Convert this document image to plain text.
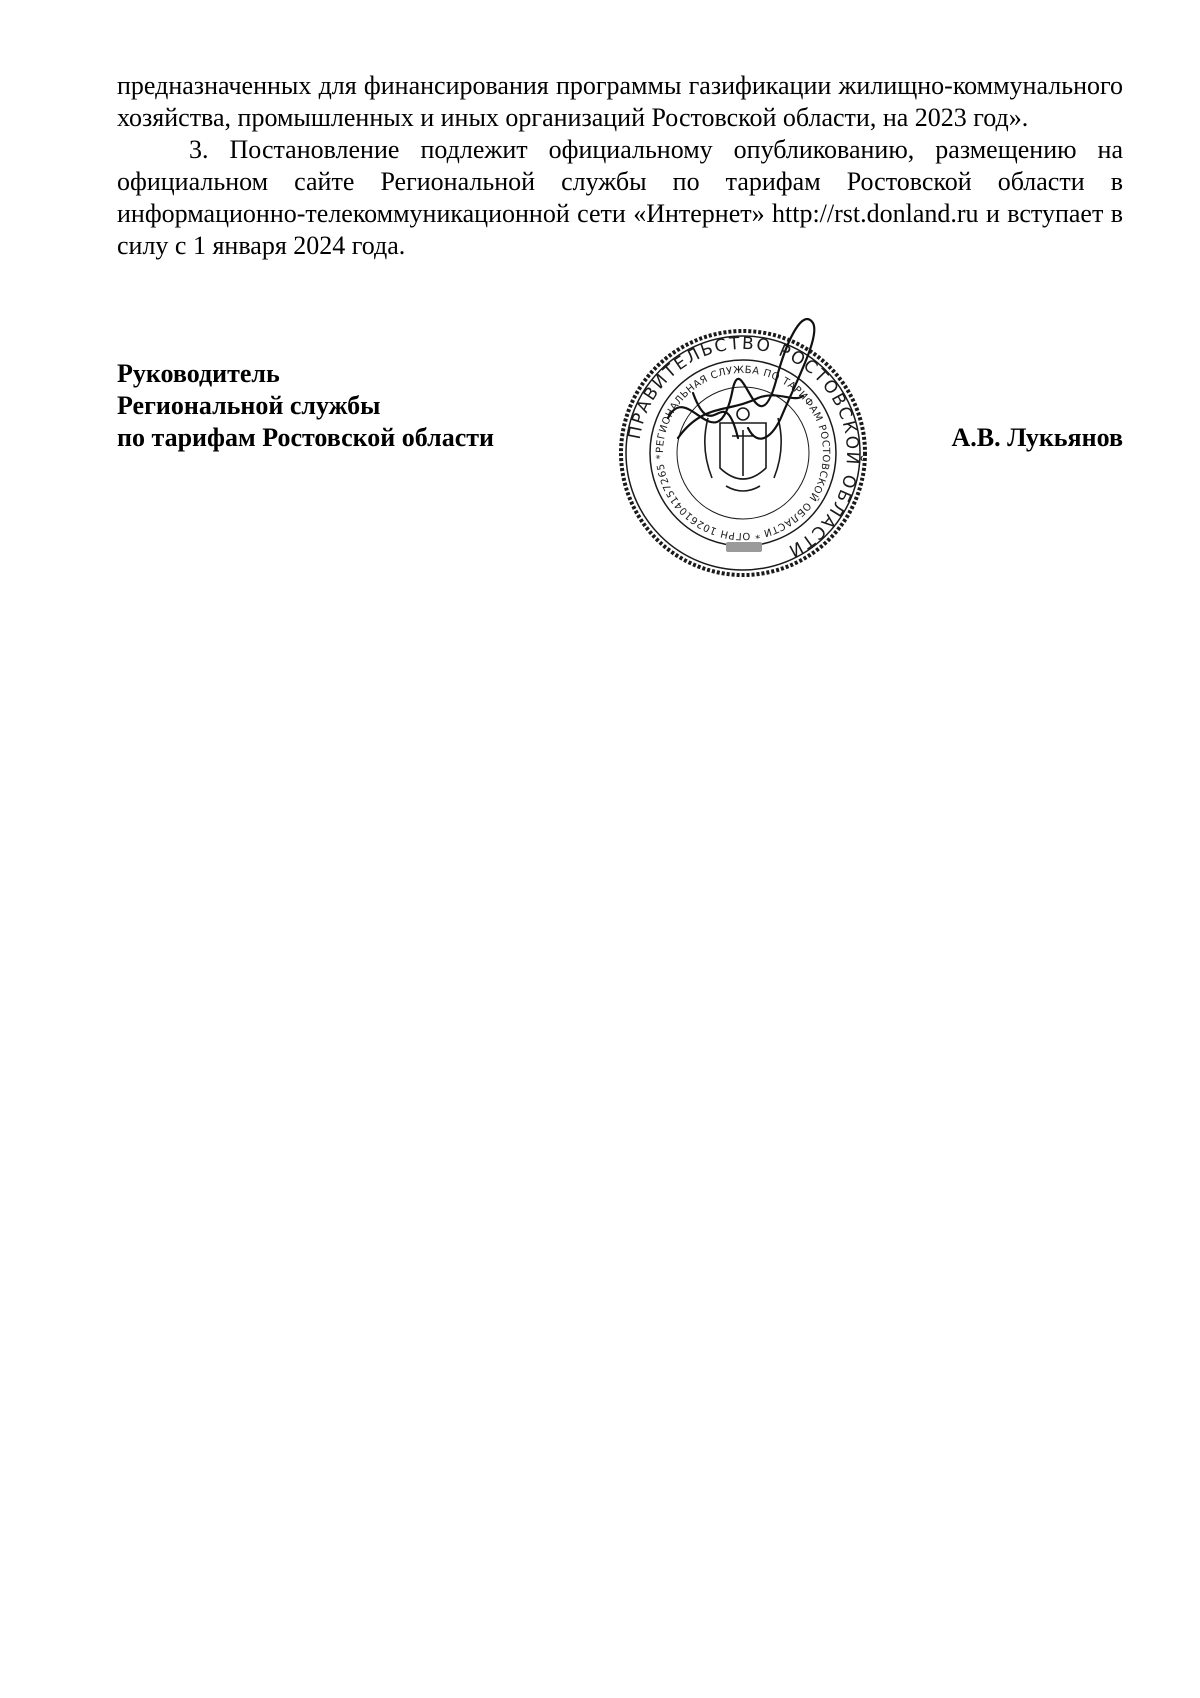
предназначенных для финансирования программы газификации жилищно-коммунального хозяйства, промышленных и иных организаций Ростовской области, на 2023 год».

3. Постановление подлежит официальному опубликованию, размещению на официальном сайте Региональной службы по тарифам Ростовской области в информационно-телекоммуникационной сети «Интернет» http://rst.donland.ru и вступает в силу с 1 января 2024 года.

Руководитель
Региональной службы
по тарифам Ростовской области	А.В. Лукьянов
ПРАВИТЕЛЬСТВО РОСТОВСКОЙ ОБЛАСТИ
РЕГИОНАЛЬНАЯ СЛУЖБА ПО ТАРИФАМ РОСТОВСКОЙ ОБЛАСТИ * ОГРН 1026104157265 *
